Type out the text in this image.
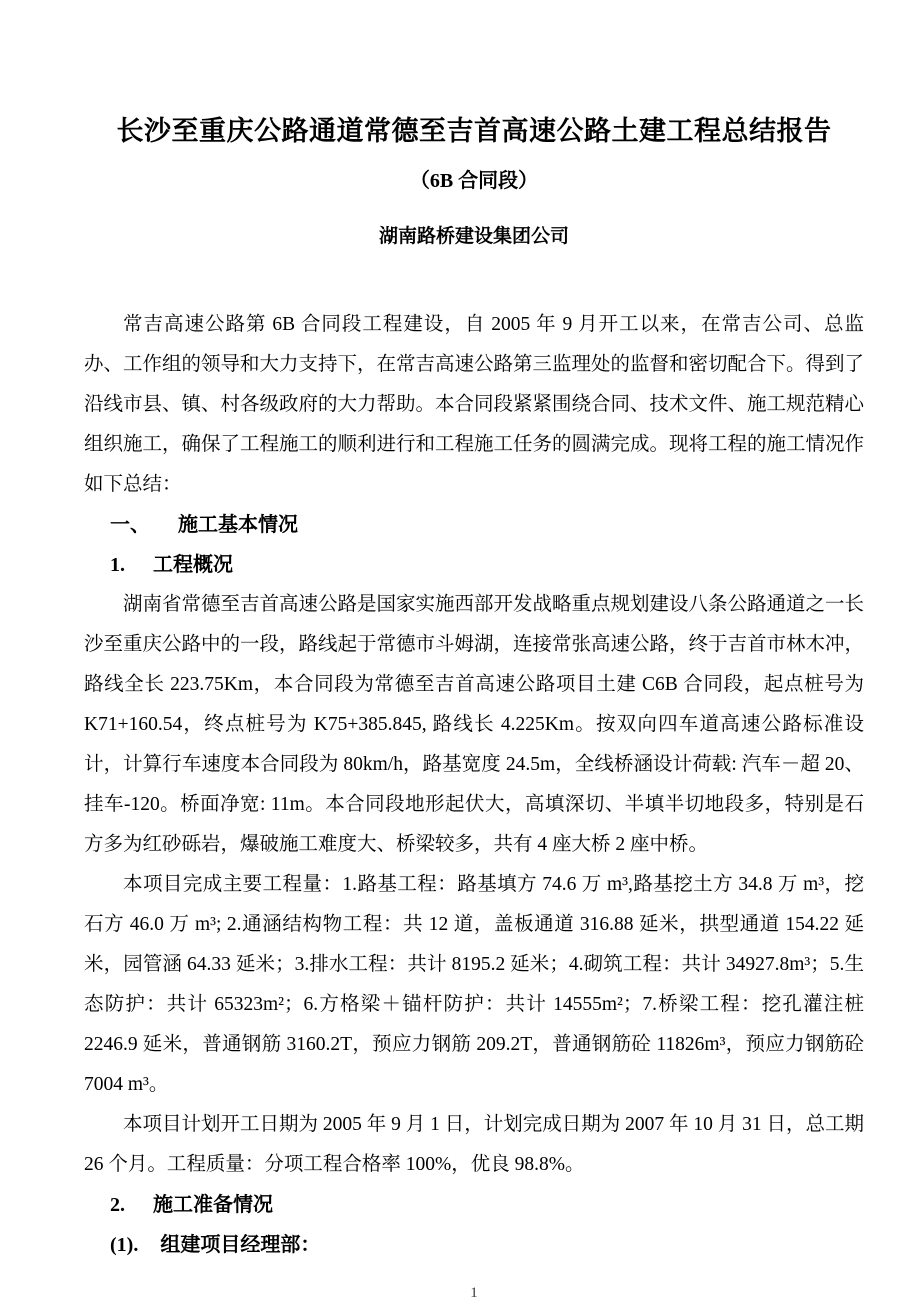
长沙至重庆公路通道常德至吉首高速公路土建工程总结报告
（6B 合同段）
湖南路桥建设集团公司

常吉高速公路第 6B 合同段工程建设，自 2005 年 9 月开工以来，在常吉公司、总监办、工作组的领导和大力支持下，在常吉高速公路第三监理处的监督和密切配合下。得到了沿线市县、镇、村各级政府的大力帮助。本合同段紧紧围绕合同、技术文件、施工规范精心组织施工，确保了工程施工的顺利进行和工程施工任务的圆满完成。现将工程的施工情况作如下总结：

一、 施工基本情况
1. 工程概况

湖南省常德至吉首高速公路是国家实施西部开发战略重点规划建设八条公路通道之一长沙至重庆公路中的一段，路线起于常德市斗姆湖，连接常张高速公路，终于吉首市林木冲，路线全长 223.75Km，本合同段为常德至吉首高速公路项目土建 C6B 合同段，起点桩号为 K71+160.54，终点桩号为 K75+385.845, 路线长 4.225Km。按双向四车道高速公路标准设计，计算行车速度本合同段为 80km/h，路基宽度 24.5m，全线桥涵设计荷载: 汽车－超 20、挂车-120。桥面净宽: 11m。本合同段地形起伏大，高填深切、半填半切地段多，特别是石方多为红砂砾岩，爆破施工难度大、桥梁较多，共有 4 座大桥 2 座中桥。

本项目完成主要工程量：1.路基工程：路基填方 74.6 万 m³,路基挖土方 34.8 万 m³，挖石方 46.0 万 m³; 2.通涵结构物工程：共 12 道，盖板通道 316.88 延米，拱型通道 154.22 延米，园管涵 64.33 延米；3.排水工程：共计 8195.2 延米；4.砌筑工程：共计 34927.8m³；5.生态防护：共计 65323m²；6.方格梁＋锚杆防护：共计 14555m²；7.桥梁工程：挖孔灌注桩 2246.9 延米，普通钢筋 3160.2T，预应力钢筋 209.2T，普通钢筋砼 11826m³，预应力钢筋砼 7004 m³。

本项目计划开工日期为 2005 年 9 月 1 日，计划完成日期为 2007 年 10 月 31 日，总工期 26 个月。工程质量：分项工程合格率 100%，优良 98.8%。

2. 施工准备情况
(1). 组建项目经理部：
1
